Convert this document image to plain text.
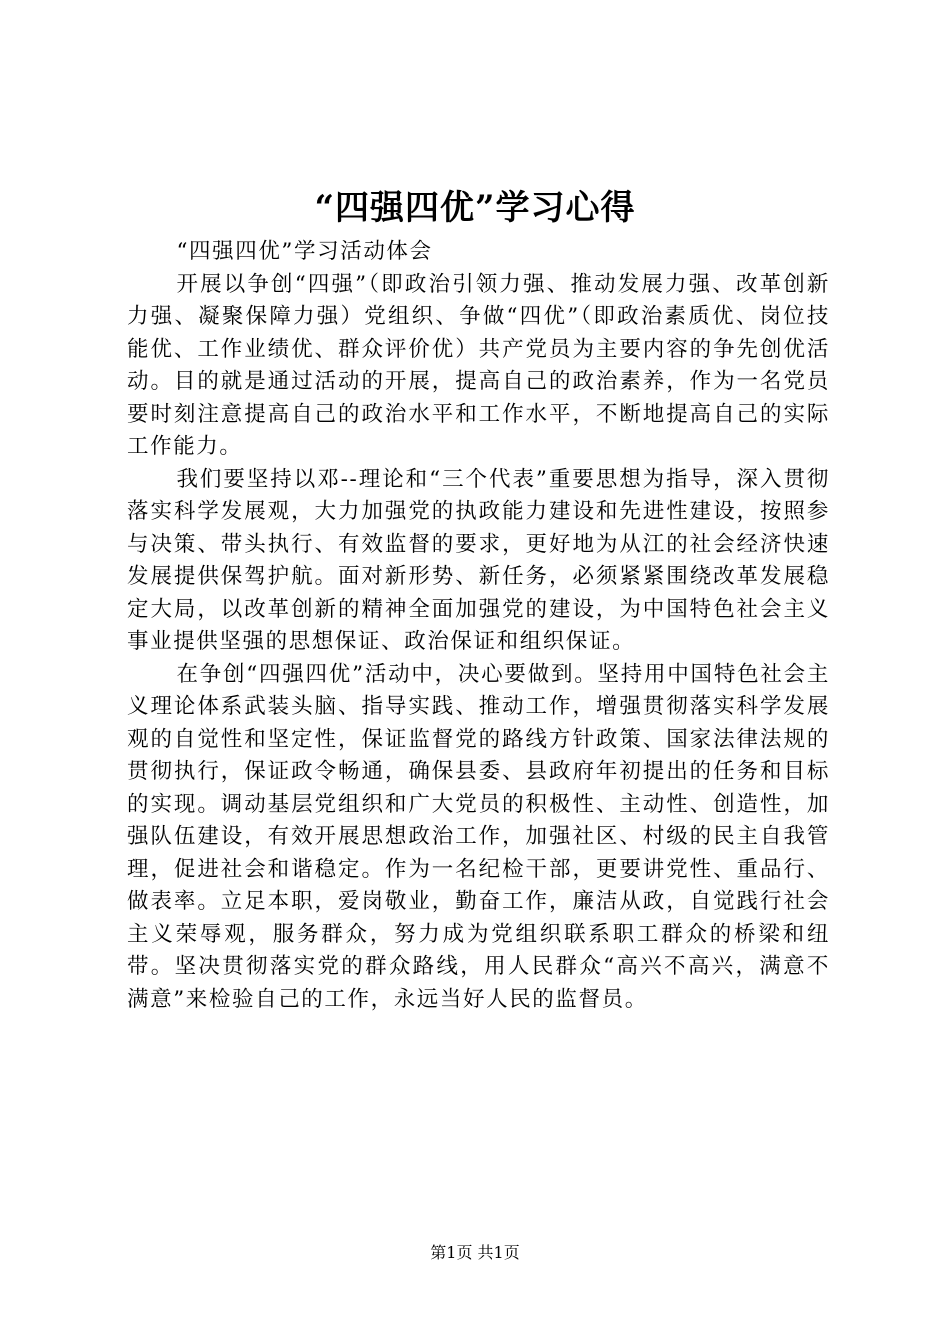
“四强四优”学习心得

“四强四优”学习活动体会

开展以争创“四强”（即政治引领力强、推动发展力强、改革创新力强、凝聚保障力强）党组织、争做“四优”（即政治素质优、岗位技能优、工作业绩优、群众评价优）共产党员为主要内容的争先创优活动。目的就是通过活动的开展，提高自己的政治素养，作为一名党员要时刻注意提高自己的政治水平和工作水平，不断地提高自己的实际工作能力。

我们要坚持以邓--理论和“三个代表”重要思想为指导，深入贯彻落实科学发展观，大力加强党的执政能力建设和先进性建设，按照参与决策、带头执行、有效监督的要求，更好地为从江的社会经济快速发展提供保驾护航。面对新形势、新任务，必须紧紧围绕改革发展稳定大局，以改革创新的精神全面加强党的建设，为中国特色社会主义事业提供坚强的思想保证、政治保证和组织保证。

在争创“四强四优”活动中，决心要做到。坚持用中国特色社会主义理论体系武装头脑、指导实践、推动工作，增强贯彻落实科学发展观的自觉性和坚定性，保证监督党的路线方针政策、国家法律法规的贯彻执行，保证政令畅通，确保县委、县政府年初提出的任务和目标的实现。调动基层党组织和广大党员的积极性、主动性、创造性，加强队伍建设，有效开展思想政治工作，加强社区、村级的民主自我管理，促进社会和谐稳定。作为一名纪检干部，更要讲党性、重品行、做表率。立足本职，爱岗敬业，勤奋工作，廉洁从政，自觉践行社会主义荣辱观，服务群众，努力成为党组织联系职工群众的桥梁和纽带。坚决贯彻落实党的群众路线，用人民群众“高兴不高兴，满意不满意”来检验自己的工作，永远当好人民的监督员。

第1页 共1页
